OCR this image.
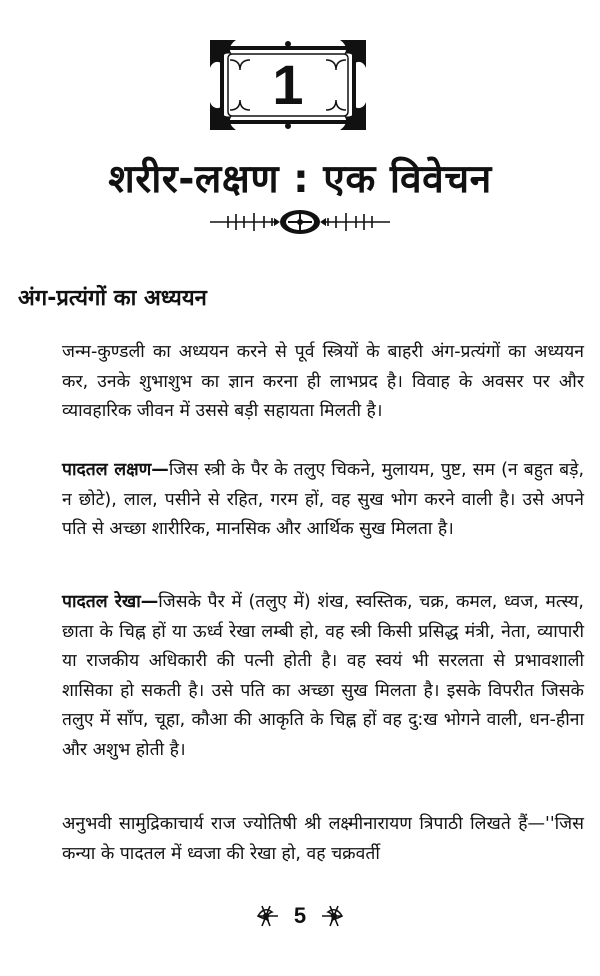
1
शरीर-लक्षण : एक विवेचन
अंग-प्रत्यंगों का अध्ययन

जन्म-कुण्डली का अध्ययन करने से पूर्व स्त्रियों के बाहरी अंग-प्रत्यंगों का अध्ययन कर, उनके शुभाशुभ का ज्ञान करना ही लाभप्रद है। विवाह के अवसर पर और व्यावहारिक जीवन में उससे बड़ी सहायता मिलती है।

पादतल लक्षण—जिस स्त्री के पैर के तलुए चिकने, मुलायम, पुष्ट, सम (न बहुत बड़े, न छोटे), लाल, पसीने से रहित, गरम हों, वह सुख भोग करने वाली है। उसे अपने पति से अच्छा शारीरिक, मानसिक और आर्थिक सुख मिलता है।

पादतल रेखा—जिसके पैर में (तलुए में) शंख, स्वस्तिक, चक्र, कमल, ध्वज, मत्स्य, छाता के चिह्न हों या ऊर्ध्व रेखा लम्बी हो, वह स्त्री किसी प्रसिद्ध मंत्री, नेता, व्यापारी या राजकीय अधिकारी की पत्नी होती है। वह स्वयं भी सरलता से प्रभावशाली शासिका हो सकती है। उसे पति का अच्छा सुख मिलता है। इसके विपरीत जिसके तलुए में साँप, चूहा, कौआ की आकृति के चिह्न हों वह दु:ख भोगने वाली, धन-हीना और अशुभ होती है।

अनुभवी सामुद्रिकाचार्य राज ज्योतिषी श्री लक्ष्मीनारायण त्रिपाठी लिखते हैं—''जिस कन्या के पादतल में ध्वजा की रेखा हो, वह चक्रवर्ती

5
